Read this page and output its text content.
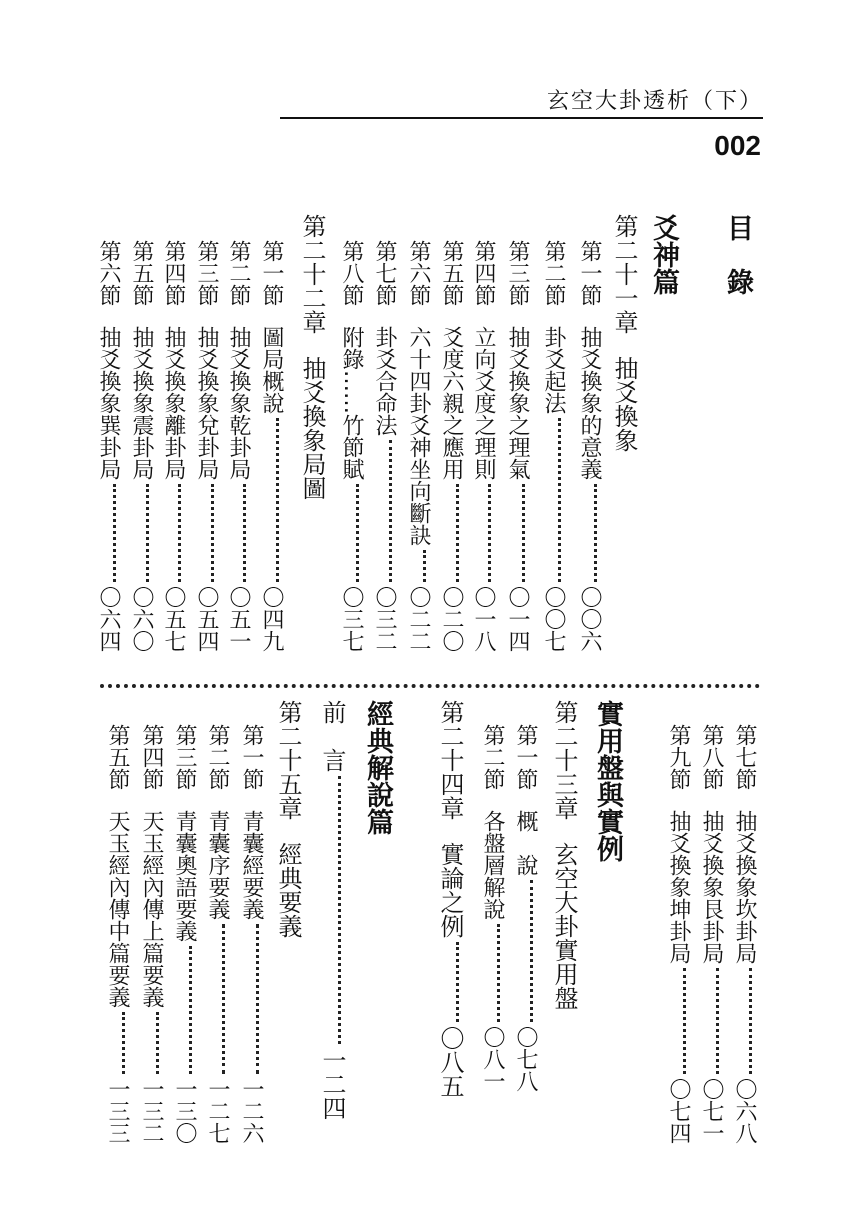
玄空大卦透析（下）
002
目　錄
爻神篇
第二十一章抽爻換象
第一節抽爻換象的意義〇〇六
第二節卦爻起法〇〇七
第三節抽爻換象之理氣〇一四
第四節立向爻度之理則〇一八
第五節爻度六親之應用〇二〇
第六節六十四卦爻神坐向斷訣〇二二
第七節卦爻合命法〇三二
第八節附錄……竹節賦〇三七
第二十二章抽爻換象局圖
第一節圖局概說〇四九
第二節抽爻換象乾卦局〇五一
第三節抽爻換象兌卦局〇五四
第四節抽爻換象離卦局〇五七
第五節抽爻換象震卦局〇六〇
第六節抽爻換象巽卦局〇六四
第七節抽爻換象坎卦局〇六八
第八節抽爻換象艮卦局〇七一
第九節抽爻換象坤卦局〇七四
實用盤與實例
第二十三章玄空大卦實用盤
第一節概　說〇七八
第二節各盤層解說〇八一
第二十四章實論之例〇八五
經典解說篇
前　言一二四
第二十五章經典要義
第一節青囊經要義一二六
第二節青囊序要義一二七
第三節青囊奧語要義一三〇
第四節天玉經內傳上篇要義一三二
第五節天玉經內傳中篇要義一三三
